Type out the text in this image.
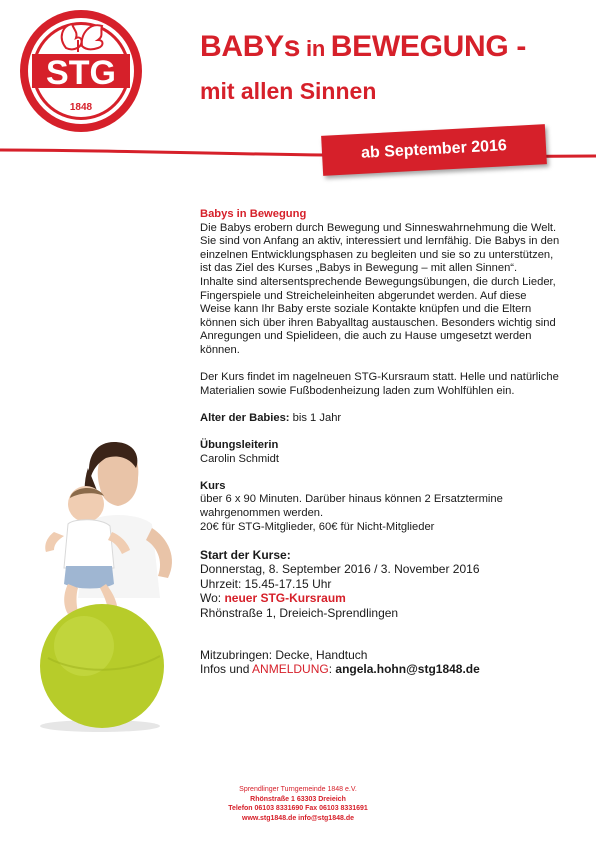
STG
1848
BABYs in BEWEGUNG -
mit allen Sinnen
ab September 2016

Babys in Bewegung

Die Babys erobern durch Bewegung und Sinneswahrnehmung die Welt. Sie sind von Anfang an aktiv, interessiert und lernfähig. Die Babys in den einzelnen Entwicklungsphasen zu begleiten und sie so zu unterstützen, ist das Ziel des Kurses „Babys in Bewegung – mit allen Sinnen“.

Inhalte sind altersentsprechende Bewegungsübungen, die durch Lieder, Fingerspiele und Streicheleinheiten abgerundet werden. Auf diese Weise kann Ihr Baby erste soziale Kontakte knüpfen und die Eltern können sich über ihren Babyalltag austauschen. Besonders wichtig sind Anregungen und Spielideen, die auch zu Hause umgesetzt werden können.

Der Kurs findet im nagelneuen STG-Kursraum statt. Helle und natürliche Materialien sowie Fußbodenheizung laden zum Wohlfühlen ein.

Alter der Babies: bis 1 Jahr

Übungsleiterin

Carolin Schmidt

Kurs

über 6 x 90 Minuten. Darüber hinaus können 2 Ersatztermine wahrgenommen werden.

20€ für STG-Mitglieder, 60€ für Nicht-Mitglieder

Start der Kurse:

Donnerstag, 8. September 2016 / 3. November 2016

Uhrzeit: 15.45-17.15 Uhr

Wo: neuer STG-Kursraum

Rhönstraße 1, Dreieich-Sprendlingen

Mitzubringen: Decke, Handtuch

Infos und ANMELDUNG: angela.hohn@stg1848.de

Sprendlinger Turngemeinde 1848 e.V.
Rhönstraße 1 63303 Dreieich
Telefon 06103 8331690 Fax 06103 8331691
www.stg1848.de info@stg1848.de
